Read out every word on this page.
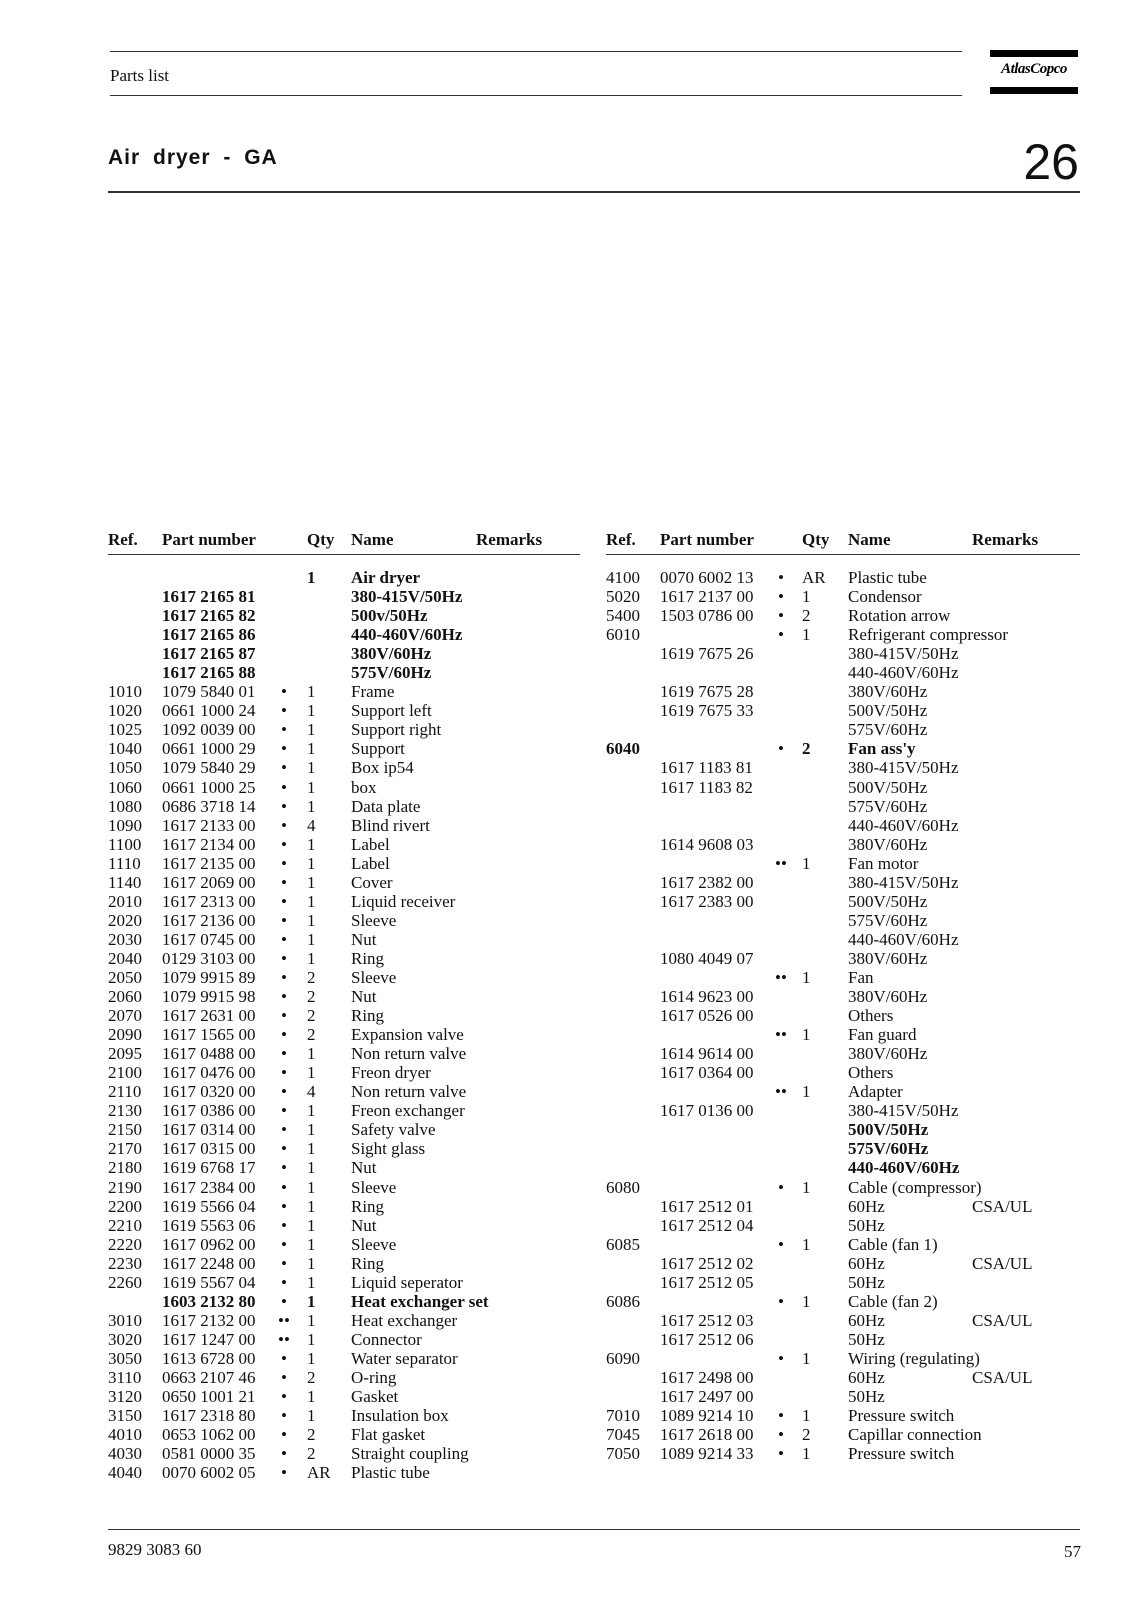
Parts list	AtlasCopco
Air dryer - GA	26
Ref. Part number	Qty Name	Remarks
1 Air dryer
1617 2165 81	380-415V/50Hz
1617 2165 82	500v/50Hz
1617 2165 86	440-460V/60Hz
1617 2165 87	380V/60Hz
1617 2165 88	575V/60Hz
1010 1079 5840 01	•	1 Frame
1020 0661 1000 24	•	1 Support left
1025 1092 0039 00	•	1 Support right
1040 0661 1000 29	•	1 Support
1050 1079 5840 29	•	1 Box ip54
1060 0661 1000 25	•	1 box
1080 0686 3718 14	•	1 Data plate
1090 1617 2133 00	•	4 Blind rivert
1100 1617 2134 00	•	1 Label
1110 1617 2135 00	•	1 Label
1140 1617 2069 00	•	1 Cover
2010 1617 2313 00	•	1 Liquid receiver
2020 1617 2136 00	•	1 Sleeve
2030 1617 0745 00	•	1 Nut
2040 0129 3103 00	•	1 Ring
2050 1079 9915 89	•	2 Sleeve
2060 1079 9915 98	•	2 Nut
2070 1617 2631 00	•	2 Ring
2090 1617 1565 00	•	2 Expansion valve
2095 1617 0488 00	•	1 Non return valve
2100 1617 0476 00	•	1 Freon dryer
2110 1617 0320 00	•	4 Non return valve
2130 1617 0386 00	•	1 Freon exchanger
2150 1617 0314 00	•	1 Safety valve
2170 1617 0315 00	•	1 Sight glass
2180 1619 6768 17	•	1 Nut
2190 1617 2384 00	•	1 Sleeve
2200 1619 5566 04	•	1 Ring
2210 1619 5563 06	•	1 Nut
2220 1617 0962 00	•	1 Sleeve
2230 1617 2248 00	•	1 Ring
2260 1619 5567 04	•	1 Liquid seperator
1603 2132 80	•	1 Heat exchanger set
3010 1617 2132 00	••	1 Heat exchanger
3020 1617 1247 00	••	1 Connector
3050 1613 6728 00	•	1 Water separator
3110 0663 2107 46	•	2 O-ring
3120 0650 1001 21	•	1 Gasket
3150 1617 2318 80	•	1 Insulation box
4010 0653 1062 00	•	2 Flat gasket
4030 0581 0000 35	•	2 Straight coupling
4040 0070 6002 05	•	AR Plastic tube
Ref. Part number	Qty Name	Remarks
4100 0070 6002 13	•	AR Plastic tube
5020 1617 2137 00	•	1 Condensor
5400 1503 0786 00	•	2 Rotation arrow
6010	•	1 Refrigerant compressor
1619 7675 26	380-415V/50Hz
440-460V/60Hz
1619 7675 28	380V/60Hz
1619 7675 33	500V/50Hz
575V/60Hz
6040	•	2 Fan ass'y
1617 1183 81	380-415V/50Hz
1617 1183 82	500V/50Hz
575V/60Hz
440-460V/60Hz
1614 9608 03	380V/60Hz
•• 1 Fan motor
1617 2382 00	380-415V/50Hz
1617 2383 00	500V/50Hz
575V/60Hz
440-460V/60Hz
1080 4049 07	380V/60Hz
•• 1 Fan
1614 9623 00	380V/60Hz
1617 0526 00	Others
•• 1 Fan guard
1614 9614 00	380V/60Hz
1617 0364 00	Others
•• 1 Adapter
1617 0136 00	380-415V/50Hz
500V/50Hz
575V/60Hz
440-460V/60Hz
6080	•	1 Cable (compressor)
1617 2512 01	60Hz	CSA/UL
1617 2512 04	50Hz
6085	•	1 Cable (fan 1)
1617 2512 02	60Hz	CSA/UL
1617 2512 05	50Hz
6086	•	1 Cable (fan 2)
1617 2512 03	60Hz	CSA/UL
1617 2512 06	50Hz
6090	•	1 Wiring (regulating)
1617 2498 00	60Hz	CSA/UL
1617 2497 00	50Hz
7010 1089 9214 10	•	1 Pressure switch
7045 1617 2618 00	•	2 Capillar connection
7050 1089 9214 33	•	1 Pressure switch
9829 3083 60	57
